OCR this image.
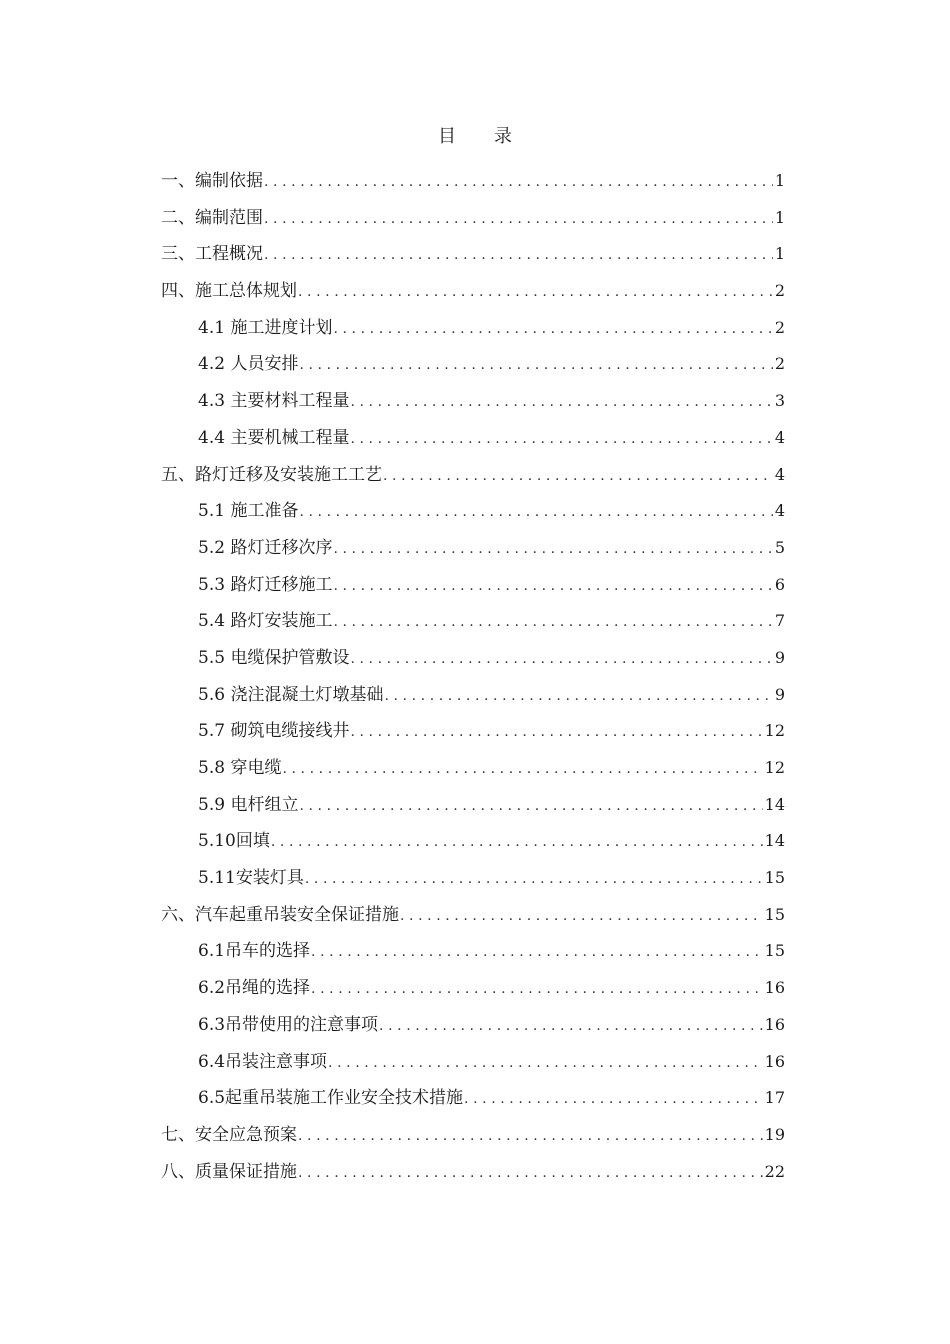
目 录
一、编制依据 .....	1
二、编制范围 .....	1
三、工程概况 .....	1
四、施工总体规划 .....	2
4.1 施工进度计划 .....	2
4.2 人员安排 .....	2
4.3 主要材料工程量 .....	3
4.4 主要机械工程量 .....	4
五、路灯迁移及安装施工工艺 .....	4
5.1 施工准备 .....	4
5.2 路灯迁移次序 .....	5
5.3 路灯迁移施工 .....	6
5.4 路灯安装施工 .....	7
5.5 电缆保护管敷设 .....	9
5.6 浇注混凝土灯墩基础 .....	9
5.7 砌筑电缆接线井 .....	12
5.8 穿电缆 .....	12
5.9 电杆组立 .....	14
5.10回填 .....	14
5.11安装灯具 .....	15
六、汽车起重吊装安全保证措施 .....	15
6.1吊车的选择 .....	15
6.2吊绳的选择 .....	16
6.3吊带使用的注意事项 .....	16
6.4吊装注意事项 .....	16
6.5起重吊装施工作业安全技术措施 .....	17
七、安全应急预案 .....	19
八、质量保证措施 .....	22
